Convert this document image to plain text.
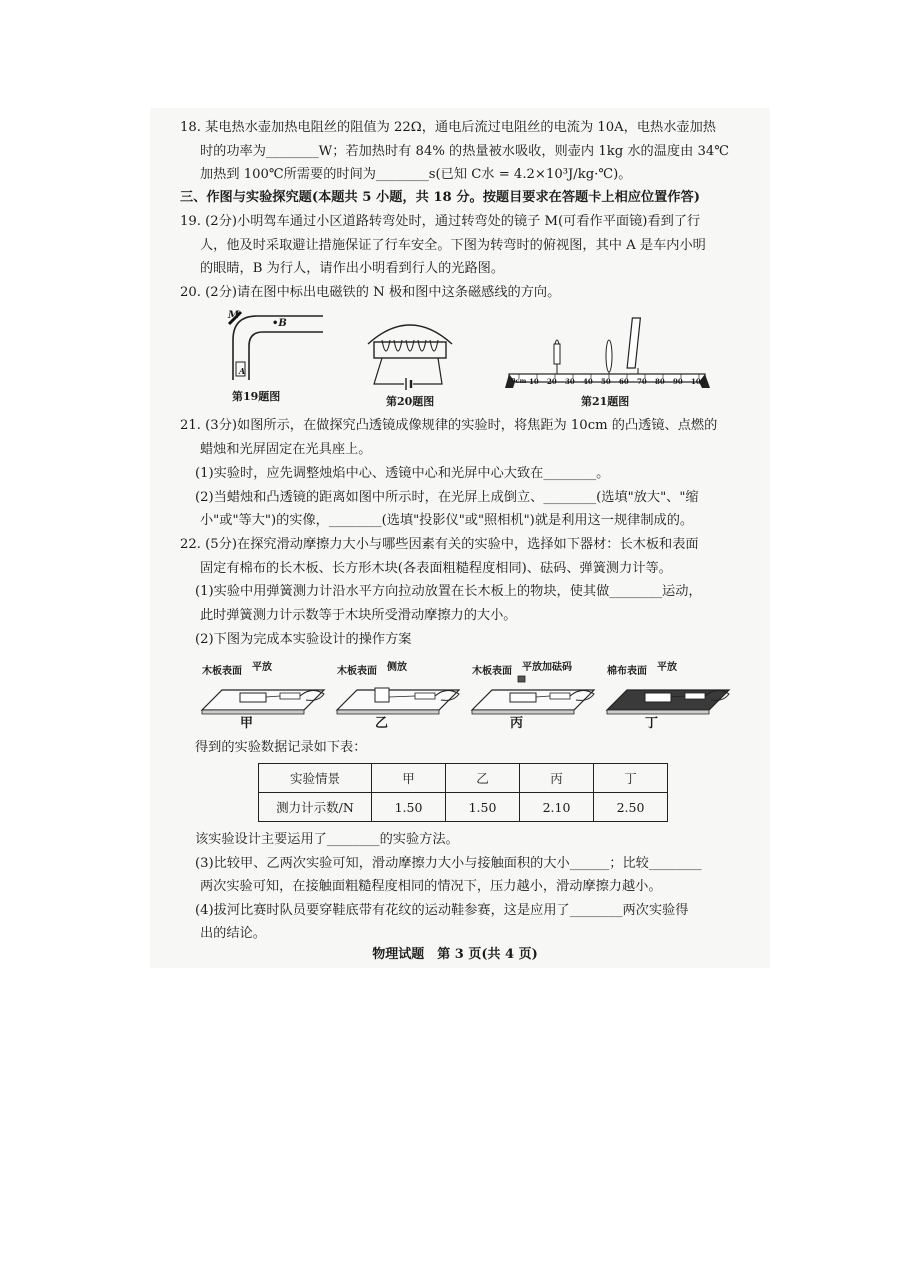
18. 某电热水壶加热电阻丝的阻值为 22Ω，通电后流过电阻丝的电流为 10A，电热水壶加热
时的功率为________W；若加热时有 84% 的热量被水吸收，则壶内 1kg 水的温度由 34℃
加热到 100℃所需要的时间为________s(已知 C水 = 4.2×10³J/kg·℃)。
三、作图与实验探究题(本题共 5 小题，共 18 分。按题目要求在答题卡上相应位置作答)
19. (2分)小明驾车通过小区道路转弯处时，通过转弯处的镜子 M(可看作平面镜)看到了行
人，他及时采取避让措施保证了行车安全。下图为转弯时的俯视图，其中 A 是车内小明
的眼睛，B 为行人，请作出小明看到行人的光路图。
20. (2分)请在图中标出电磁铁的 N 极和图中这条磁感线的方向。
M
•B
A
第19题图	第20题图
0cm 10 20 30 40 50 60 70 80 90 100
第21题图
21. (3分)如图所示，在做探究凸透镜成像规律的实验时，将焦距为 10cm 的凸透镜、点燃的
蜡烛和光屏固定在光具座上。
(1)实验时，应先调整烛焰中心、透镜中心和光屏中心大致在________。
(2)当蜡烛和凸透镜的距离如图中所示时，在光屏上成倒立、________(选填"放大"、"缩
小"或"等大")的实像，________(选填"投影仪"或"照相机")就是利用这一规律制成的。
22. (5分)在探究滑动摩擦力大小与哪些因素有关的实验中，选择如下器材：长木板和表面
固定有棉布的长木板、长方形木块(各表面粗糙程度相同)、砝码、弹簧测力计等。
(1)实验中用弹簧测力计沿水平方向拉动放置在长木板上的物块，使其做________运动，
此时弹簧测力计示数等于木块所受滑动摩擦力的大小。
(2)下图为完成本实验设计的操作方案
木板表面 平放
甲
木板表面 侧放
乙
木板表面 平放加砝码
丙
棉布表面 平放
丁
得到的实验数据记录如下表：
实验情景	甲	乙	丙	丁
测力计示数/N	1.50	1.50	2.10	2.50
该实验设计主要运用了________的实验方法。
(3)比较甲、乙两次实验可知，滑动摩擦力大小与接触面积的大小______；比较________
两次实验可知，在接触面粗糙程度相同的情况下，压力越小，滑动摩擦力越小。
(4)拔河比赛时队员要穿鞋底带有花纹的运动鞋参赛，这是应用了________两次实验得
出的结论。
物理试题　第 3 页(共 4 页)
